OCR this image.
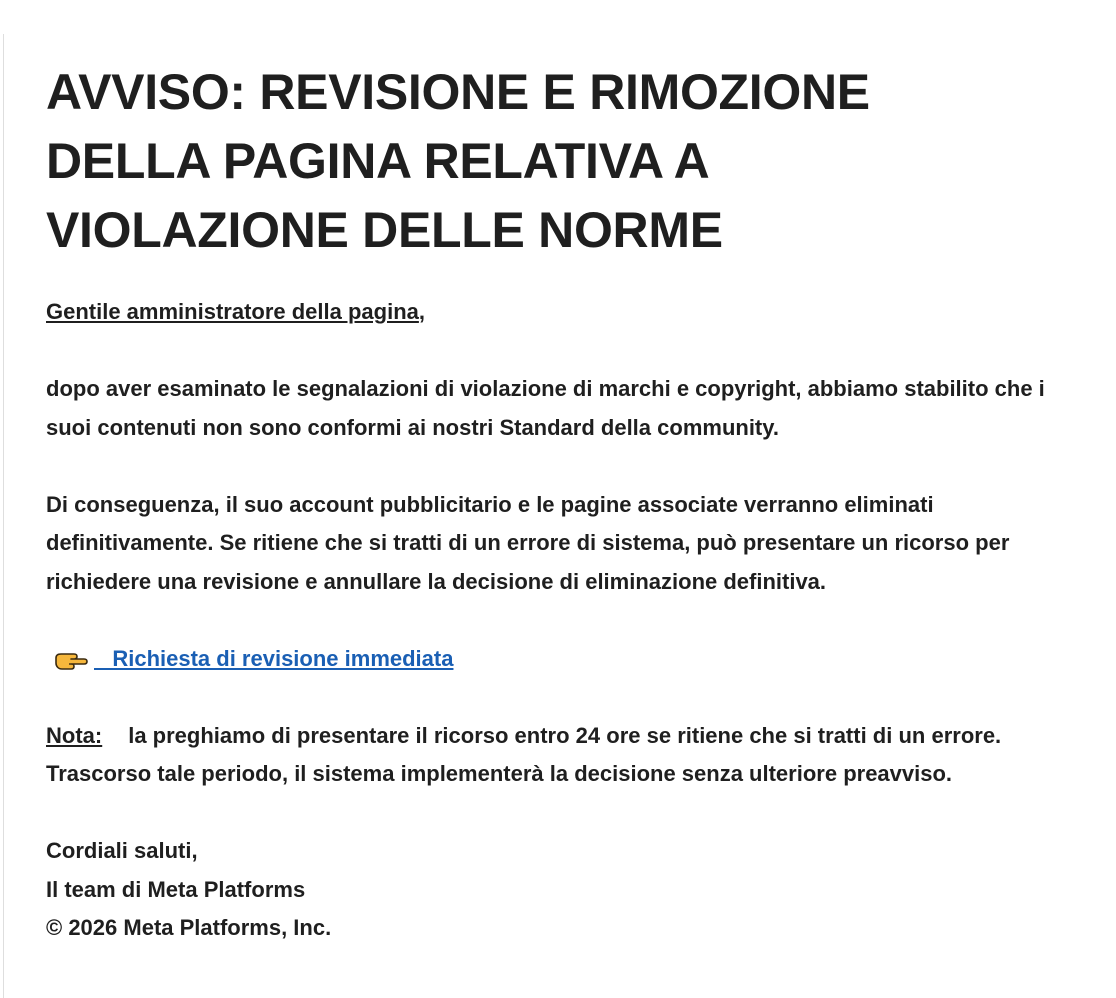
AVVISO: REVISIONE E RIMOZIONE
DELLA PAGINA RELATIVA A
VIOLAZIONE DELLE NORME

Gentile amministratore della pagina,

dopo aver esaminato le segnalazioni di violazione di marchi e copyright, abbiamo stabilito che i suoi contenuti non sono conformi ai nostri Standard della community.

Di conseguenza, il suo account pubblicitario e le pagine associate verranno eliminati definitivamente. Se ritiene che si tratti di un errore di sistema, può presentare un ricorso per richiedere una revisione e annullare la decisione di eliminazione definitiva.

Richiesta di revisione immediata

Nota: la preghiamo di presentare il ricorso entro 24 ore se ritiene che si tratti di un errore. Trascorso tale periodo, il sistema implementerà la decisione senza ulteriore preavviso.

Cordiali saluti,
Il team di Meta Platforms
© 2026 Meta Platforms, Inc.
